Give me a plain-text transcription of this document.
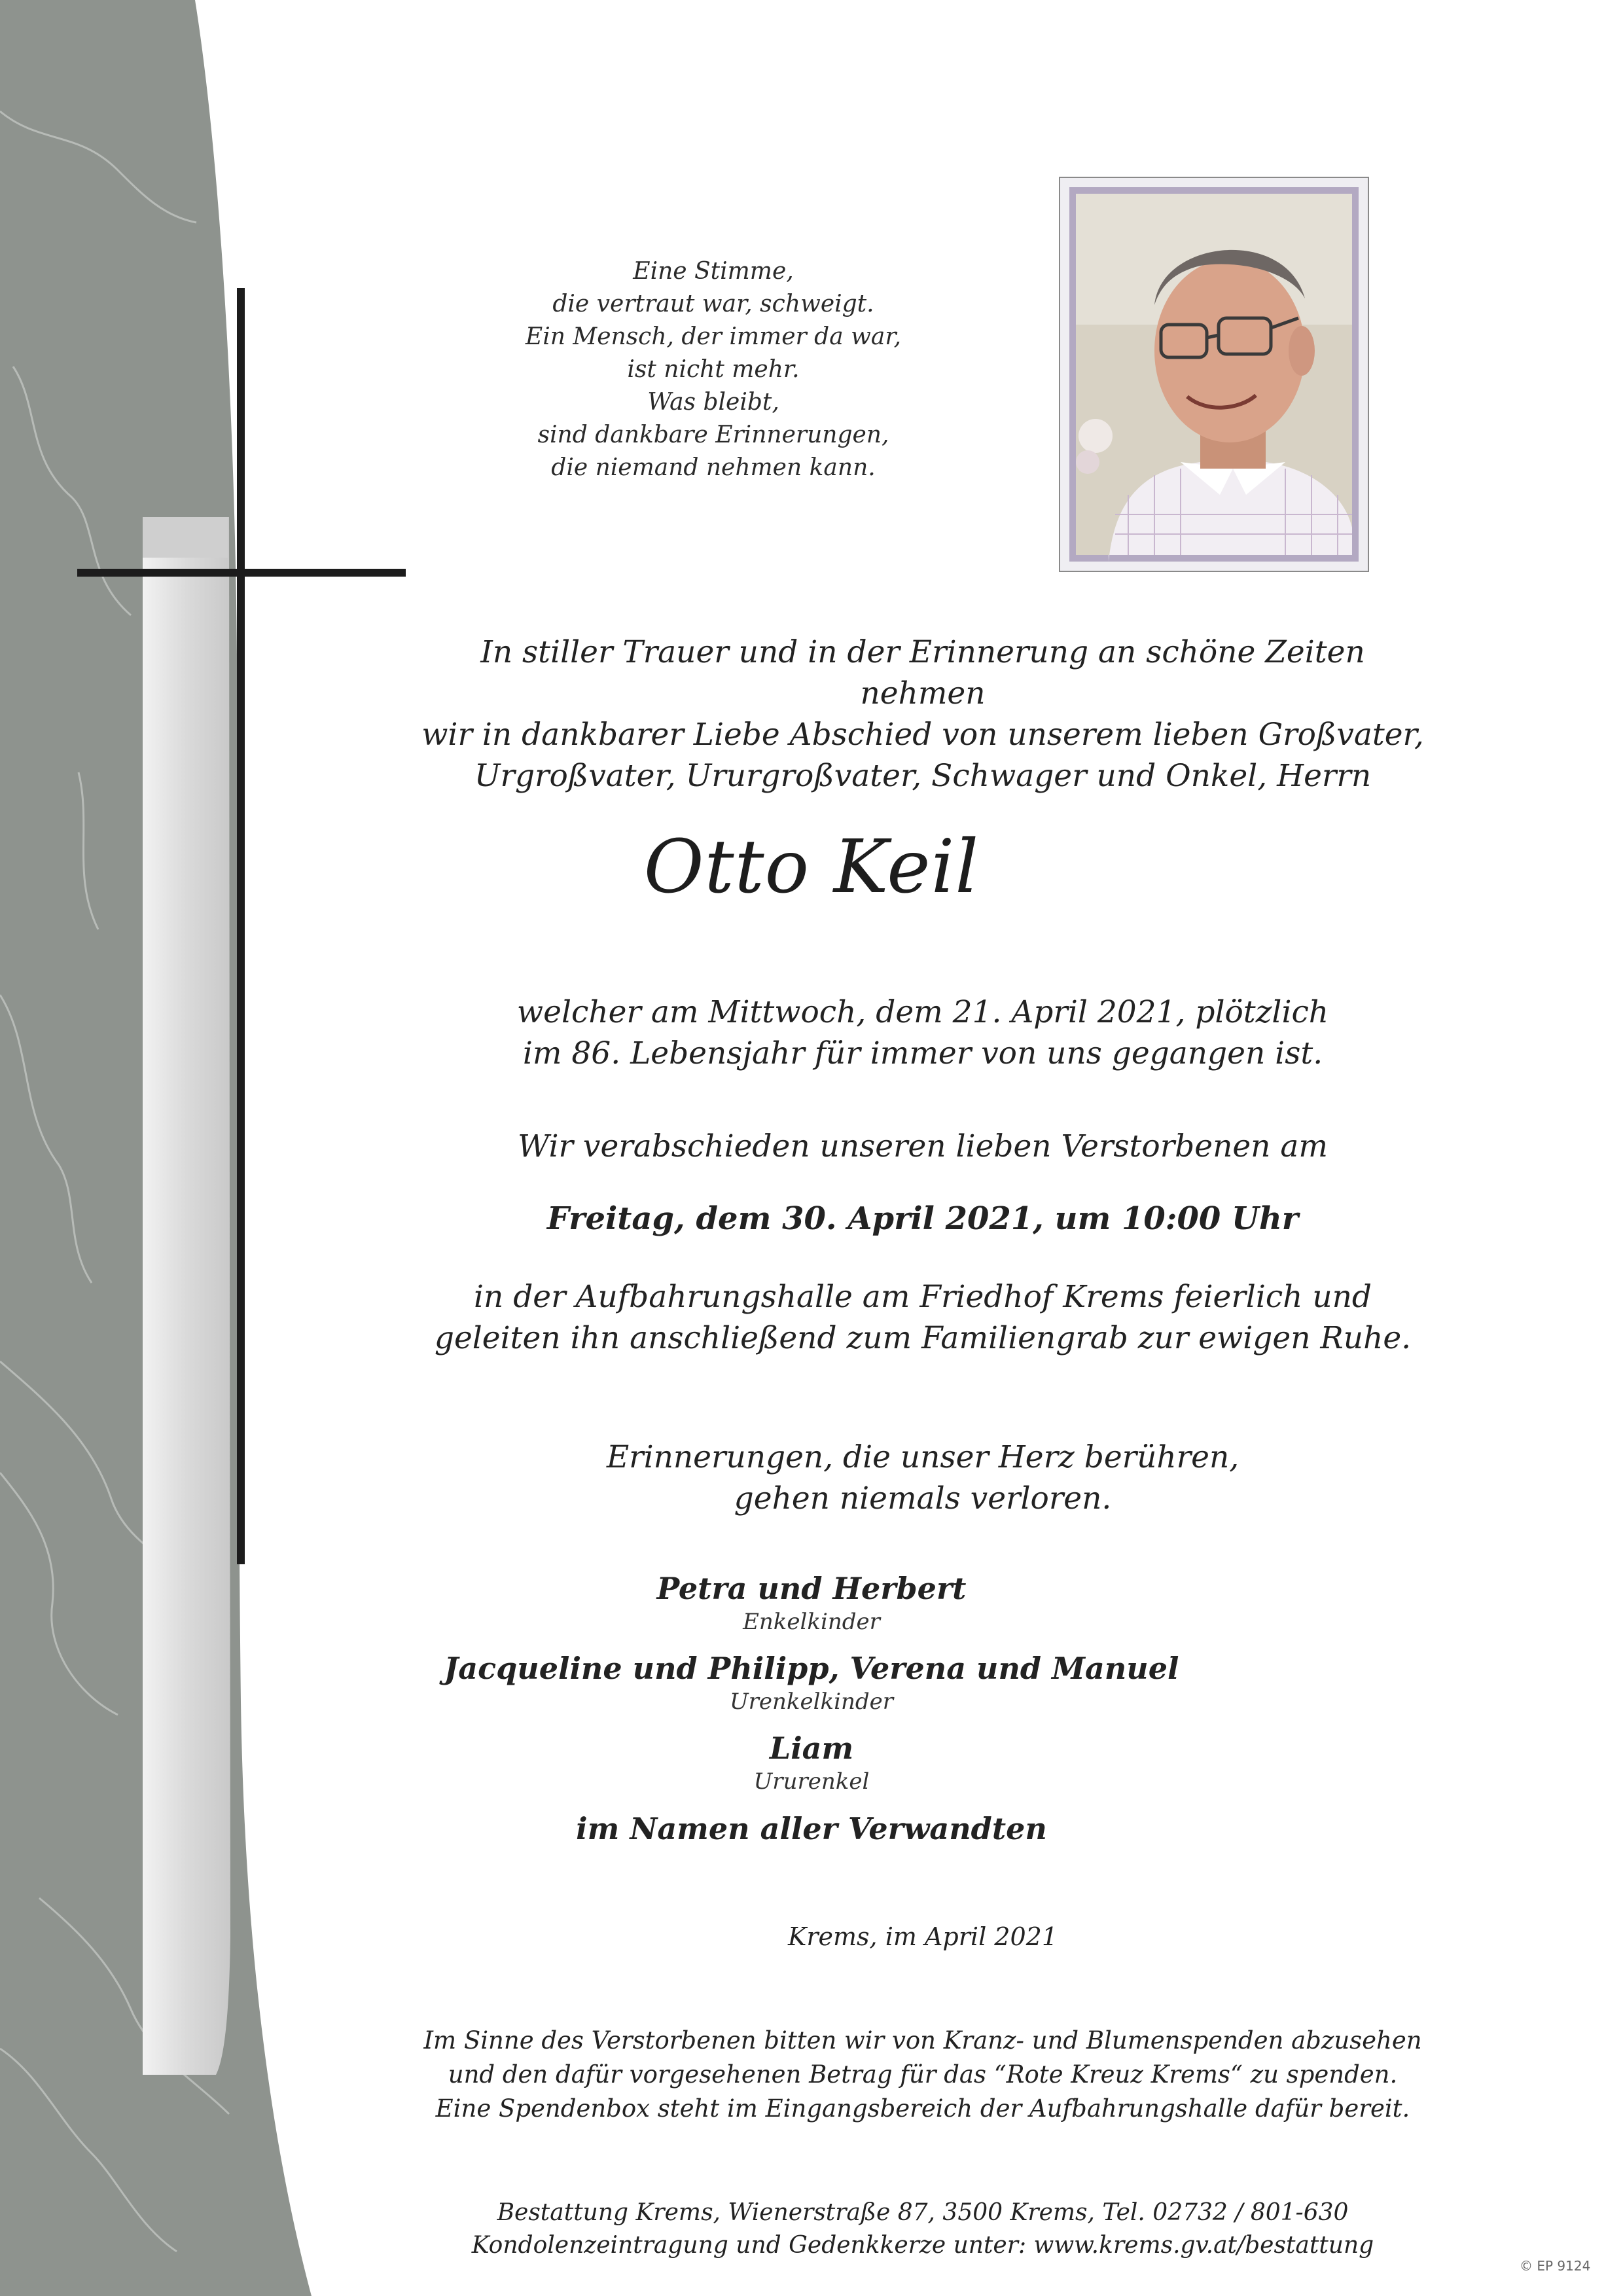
Eine Stimme,
die vertraut war, schweigt.
Ein Mensch, der immer da war,
ist nicht mehr.
Was bleibt,
sind dankbare Erinnerungen,
die niemand nehmen kann.
In stiller Trauer und in der Erinnerung an schöne Zeiten nehmen
wir in dankbarer Liebe Abschied von unserem lieben Großvater,
Urgroßvater, Ururgroßvater, Schwager und Onkel, Herrn
Otto Keil
welcher am Mittwoch, dem 21. April 2021, plötzlich
im 86. Lebensjahr für immer von uns gegangen ist.
Wir verabschieden unseren lieben Verstorbenen am
Freitag, dem 30. April 2021, um 10:00 Uhr
in der Aufbahrungshalle am Friedhof Krems feierlich und
geleiten ihn anschließend zum Familiengrab zur ewigen Ruhe.
Erinnerungen, die unser Herz berühren,
gehen niemals verloren.
Petra und Herbert
Enkelkinder
Jacqueline und Philipp, Verena und Manuel
Urenkelkinder
Liam
Ururenkel
im Namen aller Verwandten
Krems, im April 2021
Im Sinne des Verstorbenen bitten wir von Kranz- und Blumenspenden abzusehen
und den dafür vorgesehenen Betrag für das “Rote Kreuz Krems“ zu spenden.
Eine Spendenbox steht im Eingangsbereich der Aufbahrungshalle dafür bereit.
Bestattung Krems, Wienerstraße 87, 3500 Krems, Tel. 02732 / 801-630
Kondolenzeintragung und Gedenkkerze unter: www.krems.gv.at/bestattung
© EP 9124
